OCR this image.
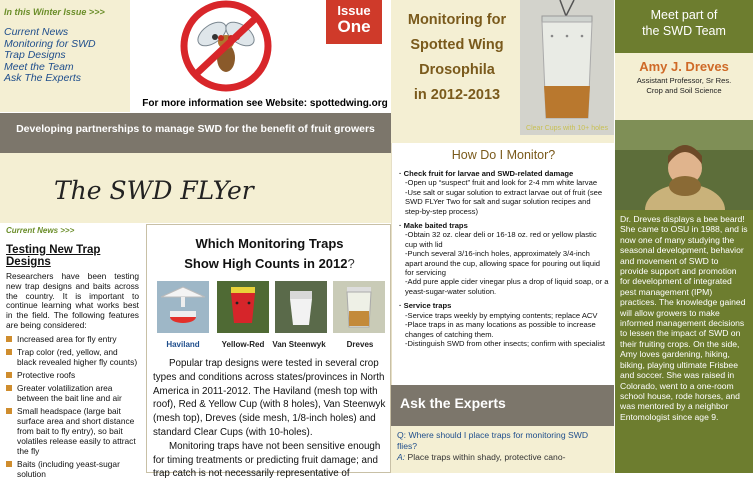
In this Winter Issue >>>
Current News
Monitoring for SWD
Trap Designs
Meet the Team
Ask The Experts
Issue
One
For more information see Website: spottedwing.org
Developing partnerships to manage SWD for the benefit of fruit growers
The SWD FLYer
Current News >>>
Testing New Trap Designs

Researchers have been testing new trap designs and baits across the country. It is important to continue learning what works best in the field. The following features are being considered:

Increased area for fly entry
Trap color (red, yellow, and black revealed higher fly counts)
Protective roofs
Greater volatilization area between the bait line and air
Small headspace (large bait surface area and short distance from bait to fly entry), so bait volatiles release easily to attract the fly
Baits (including yeast-sugar solution
Which Monitoring Traps
Show High Counts in 2012?
Haviland	Yellow-Red Van Steenwyk	Dreves

Popular trap designs were tested in several crop types and conditions across states/provinces in North America in 2011-2012. The Haviland (mesh top with roof), Red & Yellow Cup (with 8 holes), Van Steenwyk (mesh top), Dreves (side mesh, 1/8-inch holes) and standard Clear Cups (with 10-holes).

Monitoring traps have not been sensitive enough for timing treatments or predicting fruit damage; and trap catch is not necessarily representative of

Monitoring for
Spotted Wing
Drosophila
in 2012-2013
Clear Cups with 10+ holes
How Do I Monitor?
· Check fruit for larvae and SWD-related damage
-Open up “suspect” fruit and look for 2-4 mm white larvae
-Use salt or sugar solution to extract larvae out of fruit (see SWD FLYer Two for salt and sugar solution recipes and step-by-step process)
· Make baited traps
-Obtain 32 oz. clear deli or 16-18 oz. red or yellow plastic cup with lid
-Punch several 3/16-inch holes, approximately 3/4-inch apart around the cup, allowing space for pouring out liquid for servicing
-Add pure apple cider vinegar plus a drop of liquid soap, or a yeast-sugar-water solution.
· Service traps
-Service traps weekly by emptying contents; replace ACV
-Place traps in as many locations as possible to increase changes of catching them.
-Distinguish SWD from other insects; confirm with specialist
Ask the Experts
Q: Where should I place traps for monitoring SWD flies?
A: Place traps within shady, protective cano-
Meet part of
the SWD Team
Amy J. Dreves
Assistant Professor, Sr Res.
Crop and Soil Science
Dr. Dreves displays a bee beard! She came to OSU in 1988, and is now one of many studying the seasonal development, behavior and movement of SWD to provide support and promotion for development of integrated pest management (IPM) practices. The knowledge gained will allow growers to make informed management decisions to lessen the impact of SWD on their fruiting crops. On the side, Amy loves gardening, hiking, biking, playing ultimate Frisbee and soccer. She was raised in Colorado, went to a one-room school house, rode horses, and was mentored by a neighbor Entomologist since age 9.
